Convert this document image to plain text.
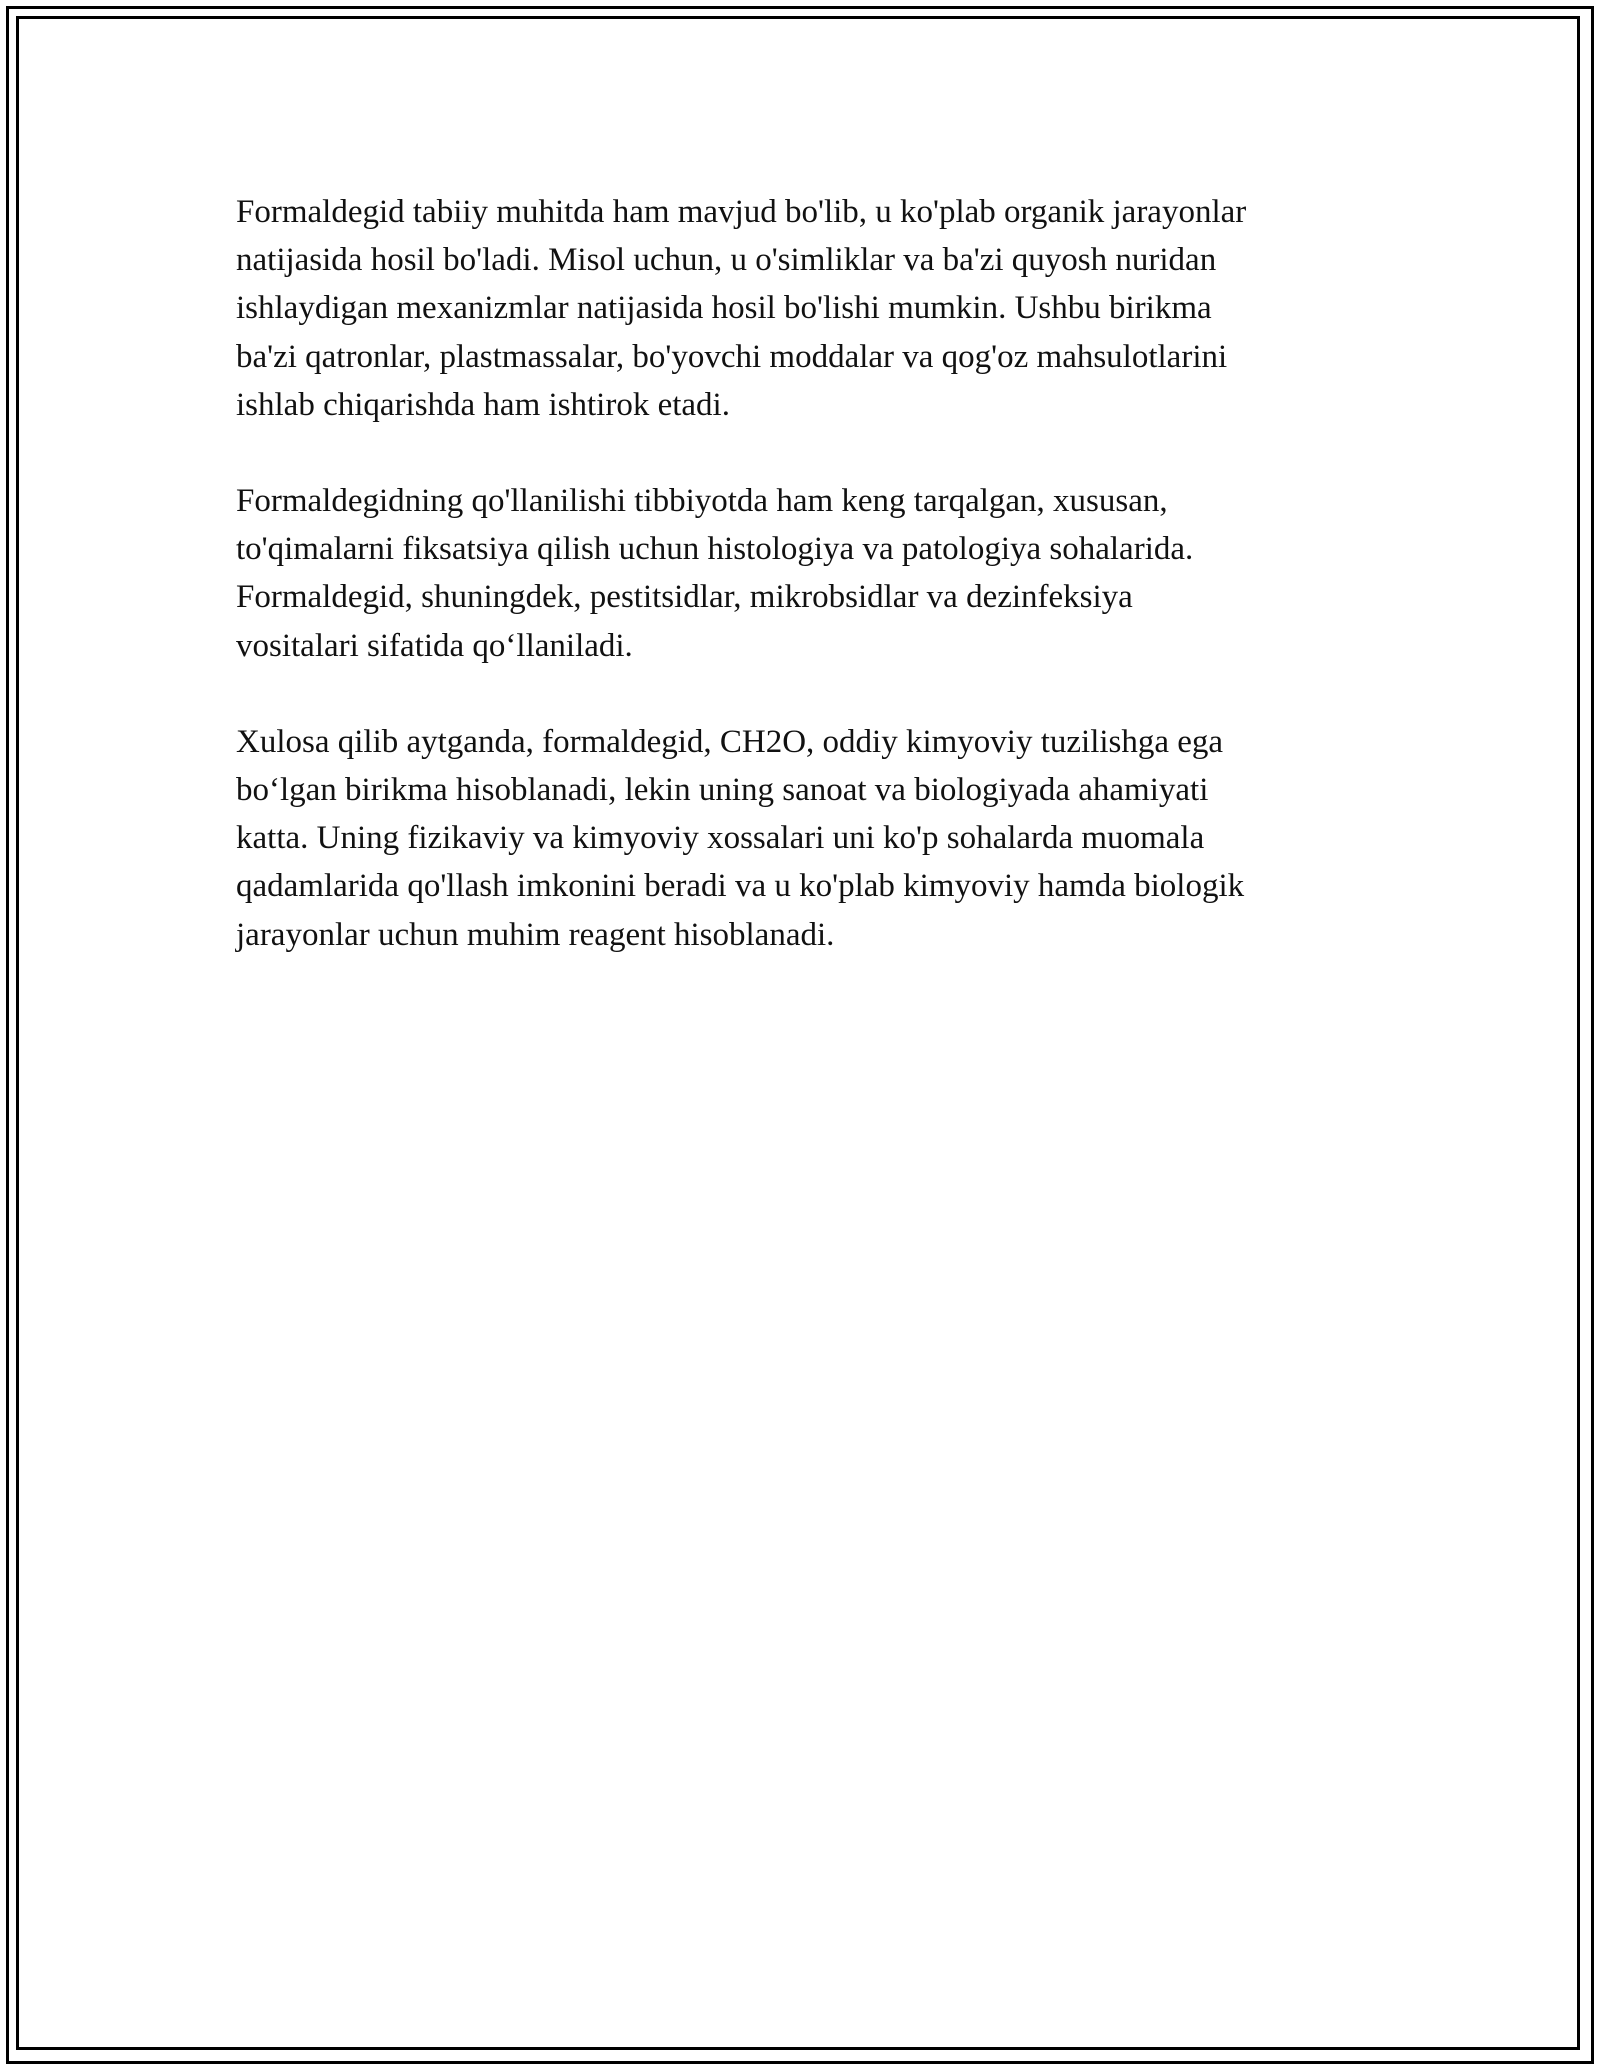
Formaldegid tabiiy muhitda ham mavjud bo'lib, u ko'plab organik jarayonlar
natijasida hosil bo'ladi. Misol uchun, u o'simliklar va ba'zi quyosh nuridan
ishlaydigan mexanizmlar natijasida hosil bo'lishi mumkin. Ushbu birikma
ba'zi qatronlar, plastmassalar, bo'yovchi moddalar va qog'oz mahsulotlarini
ishlab chiqarishda ham ishtirok etadi.

Formaldegidning qo'llanilishi tibbiyotda ham keng tarqalgan, xususan,
to'qimalarni fiksatsiya qilish uchun histologiya va patologiya sohalarida.
Formaldegid, shuningdek, pestitsidlar, mikrobsidlar va dezinfeksiya
vositalari sifatida qo‘llaniladi.

Xulosa qilib aytganda, formaldegid, CH2O, oddiy kimyoviy tuzilishga ega
bo‘lgan birikma hisoblanadi, lekin uning sanoat va biologiyada ahamiyati
katta. Uning fizikaviy va kimyoviy xossalari uni ko'p sohalarda muomala
qadamlarida qo'llash imkonini beradi va u ko'plab kimyoviy hamda biologik
jarayonlar uchun muhim reagent hisoblanadi.
